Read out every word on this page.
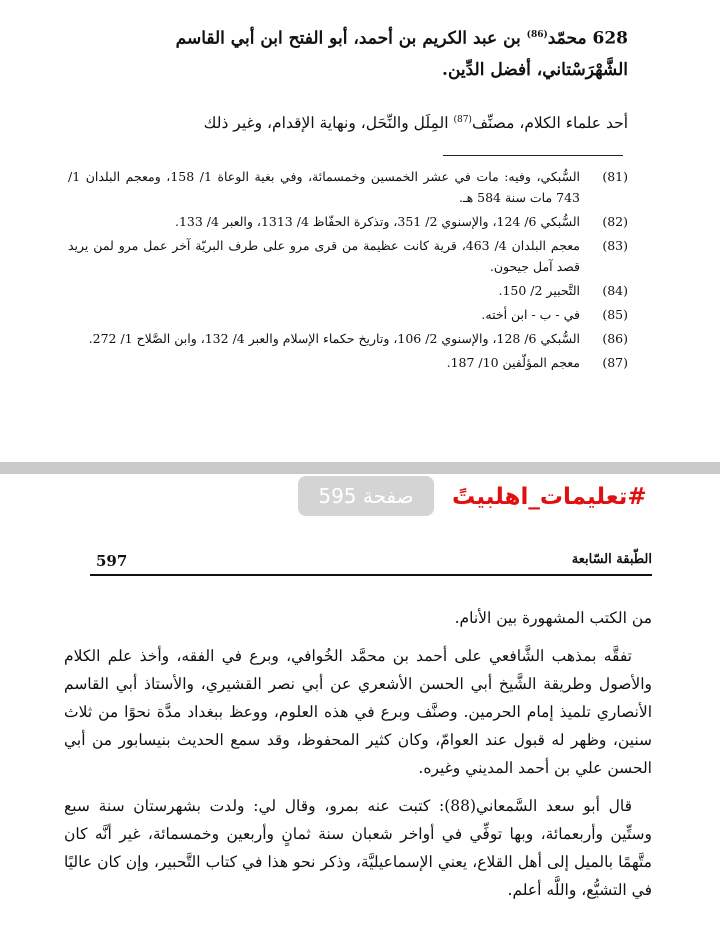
628 محمّد$^{(86)}$ بن عبد الكريم بن أحمد، أبو الفتح ابن أبي القاسم الشَّهْرَسْتاني، أفضل الدِّين.
أحد علماء الكلام، مصنِّف$^{(87)}$ المِلَل والنِّحَل، ونهاية الإقدام، وغير ذلك
(81)
السُّبكي، وفيه: مات في عشر الخمسين وخمسمائة، وفي بغية الوعاة 1/ 158، ومعجم البلدان 1/ 743 مات سنة 584 هـ.
(82)
السُّبكي 6/ 124، والإسنوي 2/ 351، وتذكرة الحفّاظ 4/ 1313، والعبر 4/ 133.
(83)
معجم البلدان 4/ 463، قرية كانت عظيمة من قرى مرو على طرف البريّة آخر عمل مرو لمن يريد قصد آمل جيحون.
(84)
التَّحبير 2/ 150.
(85)
في - ب - ابن أخته.
(86)
السُّبكي 6/ 128، والإسنوي 2/ 106، وتاريخ حكماء الإسلام والعبر 4/ 132، وابن الصَّلاح 1/ 272.
(87)
معجم المؤلّفين 10/ 187.
صفحة 595	#تعليمات_اهلبيتً
597	الطّبقة السّابعة

من الكتب المشهورة بين الأنام.

تفقَّه بمذهب الشَّافعي على أحمد بن محمَّد الخُوافي، وبرع في الفقه، وأخذ علم الكلام والأصول وطريقة الشَّيخ أبي الحسن الأشعري عن أبي نصر القشيري، والأستاذ أبي القاسم الأنصاري تلميذ إمام الحرمين. وصنَّف وبرع في هذه العلوم، ووعظ ببغداد مدَّة نحوًا من ثلاث سنين، وظهر له قبول عند العوامّ، وكان كثير المحفوظ، وقد سمع الحديث بنيسابور من أبي الحسن علي بن أحمد المديني وغيره.

قال أبو سعد السَّمعاني(88): كتبت عنه بمرو، وقال لي: ولدت بشهرستان سنة سبع وستِّين وأربعمائة، وبها توفِّي في أواخر شعبان سنة ثمانٍ وأربعين وخمسمائة، غير أنَّه كان متَّهمًا بالميل إلى أهل القلاع، يعني الإسماعيليَّة، وذكر نحو هذا في كتاب التَّحبير، وإن كان عاليًا في التشيُّع، واللَّه أعلم.
